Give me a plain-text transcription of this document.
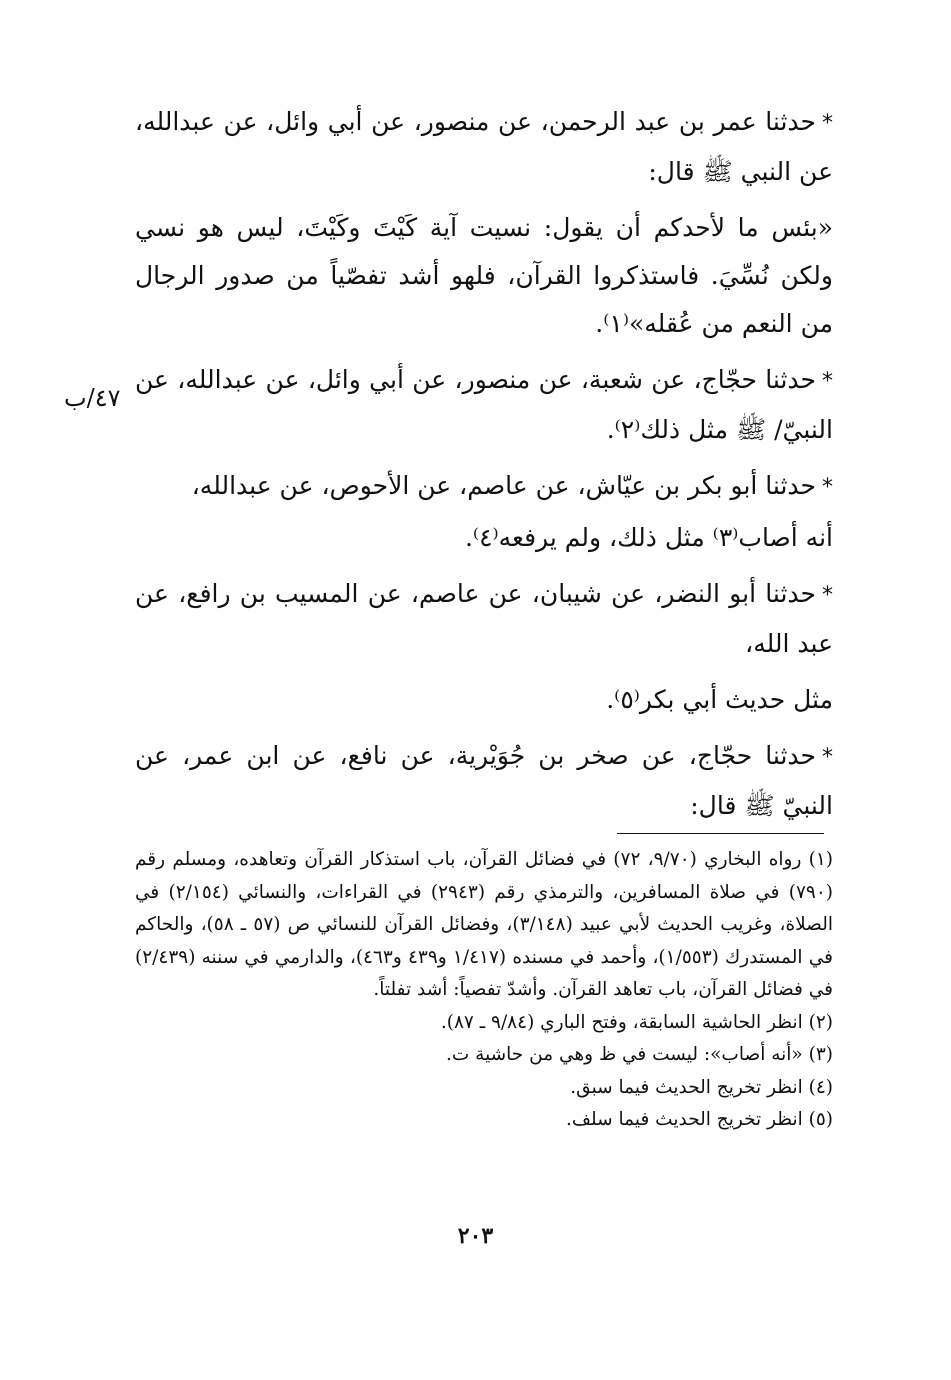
٤٧/ب

*حدثنا عمر بن عبد الرحمن، عن منصور، عن أبي وائل، عن عبدالله، عن النبي ﷺ قال:

«بئس ما لأحدكم أن يقول: نسيت آية كَيْتَ وكَيْتَ، ليس هو نسي ولكن نُسِّيَ. فاستذكروا القرآن، فلهو أشد تفصّياً من صدور الرجال من النعم من عُقله»⁽١⁾.

*حدثنا حجّاج، عن شعبة، عن منصور، عن أبي وائل، عن عبدالله، عن النبيّ/ ﷺ مثل ذلك⁽٢⁾.

*حدثنا أبو بكر بن عيّاش، عن عاصم، عن الأحوص، عن عبدالله،

أنه أصاب⁽٣⁾ مثل ذلك، ولم يرفعه⁽٤⁾.

*حدثنا أبو النضر، عن شيبان، عن عاصم، عن المسيب بن رافع، عن عبد الله،

مثل حديث أبي بكر⁽٥⁾.

*حدثنا حجّاج، عن صخر بن جُوَيْرية، عن نافع، عن ابن عمر، عن النبيّ ﷺ قال:

(١) رواه البخاري (٩/٧٠، ٧٢) في فضائل القرآن، باب استذكار القرآن وتعاهده، ومسلم رقم (٧٩٠) في صلاة المسافرين، والترمذي رقم (٢٩٤٣) في القراءات، والنسائي (٢/١٥٤) في الصلاة، وغريب الحديث لأبي عبيد (٣/١٤٨)، وفضائل القرآن للنسائي ص (٥٧ ـ ٥٨)، والحاكم في المستدرك (١/٥٥٣)، وأحمد في مسنده (١/٤١٧ و٤٣٩ و٤٦٣)، والدارمي في سننه (٢/٤٣٩) في فضائل القرآن، باب تعاهد القرآن. وأشدّ تفصياً: أشد تفلتاً.

(٢) انظر الحاشية السابقة، وفتح الباري (٩/٨٤ ـ ٨٧).

(٣) «أنه أصاب»: ليست في ظ وهي من حاشية ت.

(٤) انظر تخريج الحديث فيما سبق.

(٥) انظر تخريج الحديث فيما سلف.

٢٠٣
